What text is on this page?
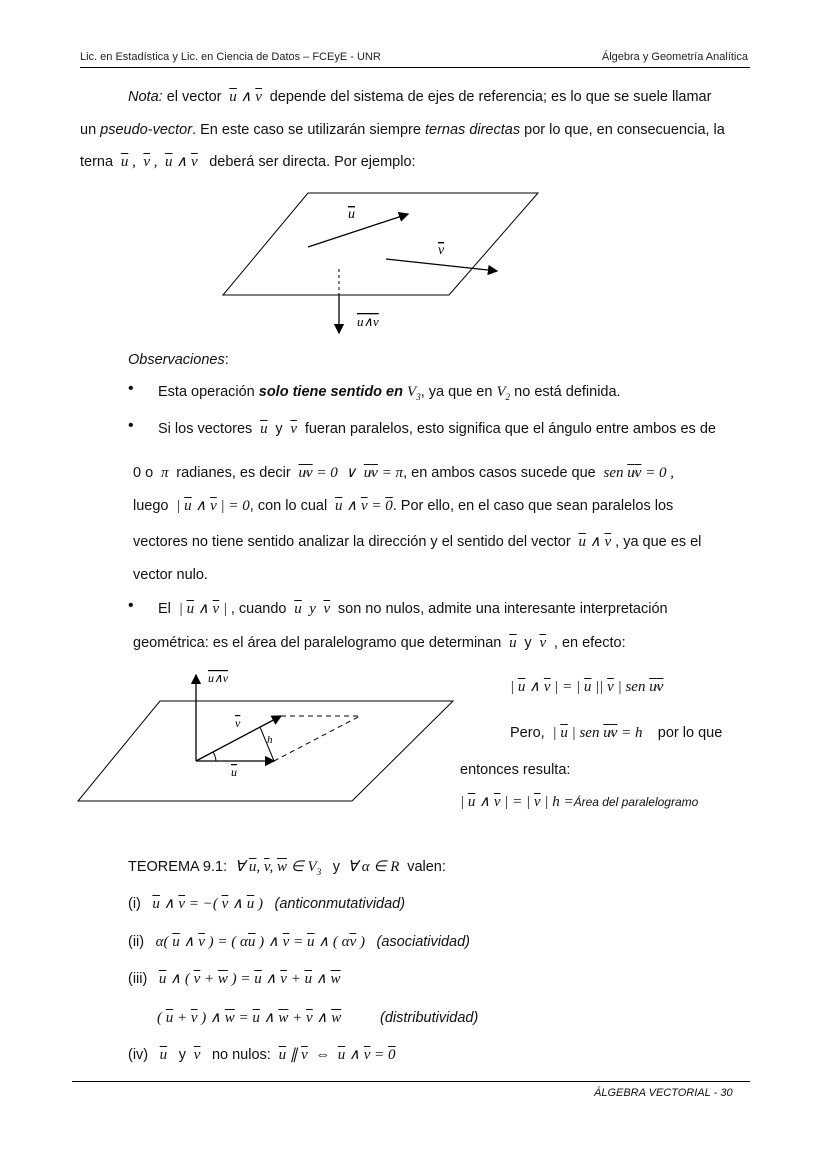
Lic. en Estadística y Lic. en Ciencia de Datos – FCEyE - UNR	Álgebra y Geometría Analítica
Nota: el vector $\overline{u}$ ∧ $\overline{v}$ depende del sistema de ejes de referencia; es lo que se suele llamar
un pseudo-vector. En este caso se utilizarán siempre ternas directas por lo que, en consecuencia, la
terna $\overline{u}$ ,  $\overline{v}$ ,  $\overline{u}$ ∧ $\overline{v}$ deberá ser directa. Por ejemplo:
u
v
u∧v
Observaciones:
• Esta operación solo tiene sentido en $V_3$, ya que en $V_2$ no está definida.
• Si los vectores $\overline{u}$ y $\overline{v}$ fueran paralelos, esto significa que el ángulo entre ambos es de
0 o  π  radianes, es decir $\overline{u}\overline{v} = 0$  ∨  $\overline{u}\overline{v} = \pi$, en ambos casos sucede que  sen $\overline{u}\overline{v} = 0$ ,
luego  | $\overline{u}$ ∧ $\overline{v}$ | = 0, con lo cual $\overline{u}$ ∧ $\overline{v} = 0$. Por ello, en el caso que sean paralelos los
vectores no tiene sentido analizar la dirección y el sentido del vector $\overline{u}$ ∧ $\overline{v}$ , ya que es el
vector nulo.
• El  | $\overline{u}$ ∧ $\overline{v}$ | , cuando $\overline{u}$  y  $\overline{v}$ son no nulos, admite una interesante interpretación
geométrica: es el área del paralelogramo que determinan $\overline{u}$ y $\overline{v}$ , en efecto:
u∧v
v
u
h
| $\overline{u}$ ∧ $\overline{v}$ | = | $\overline{u}$ || $\overline{v}$ | sen $\overline{u}\overline{v}$
Pero,  | $\overline{u}$ | sen $\overline{u}\overline{v} = h$    por lo que
entonces resulta:
| $\overline{u}$ ∧ $\overline{v}$ | = | $\overline{v}$ | h =Área del paralelogramo
TEOREMA 9.1:  ∀ $\overline{u}$, $\overline{v}$, $\overline{w}$ ∈ $V_3$ y  ∀ α ∈ R  valen:
(i) $\overline{u}$ ∧ $\overline{v}$ = −( $\overline{v}$ ∧ $\overline{u}$ )   (anticonmutatividad)
(ii)   α( $\overline{u}$ ∧ $\overline{v}$ ) = ( $\alpha\overline{u}$ ) ∧ $\overline{v} = \overline{u}$ ∧ ( $\alpha\overline{v}$ )   (asociatividad)
(iii) $\overline{u}$ ∧ ( $\overline{v} + \overline{w}$ ) = $\overline{u}$ ∧ $\overline{v} + \overline{u}$ ∧ $\overline{w}$
( $\overline{u} + \overline{v}$ ) ∧ $\overline{w} = \overline{u}$ ∧ $\overline{w} + \overline{v}$ ∧ $\overline{w}$	(distributividad)
(iv) $\overline{u}$ y $\overline{v}$ no nulos: $\overline{u}$ ∥ $\overline{v}$  ⇔  $\overline{u}$ ∧ $\overline{v} = 0$
ÁLGEBRA VECTORIAL - 30
